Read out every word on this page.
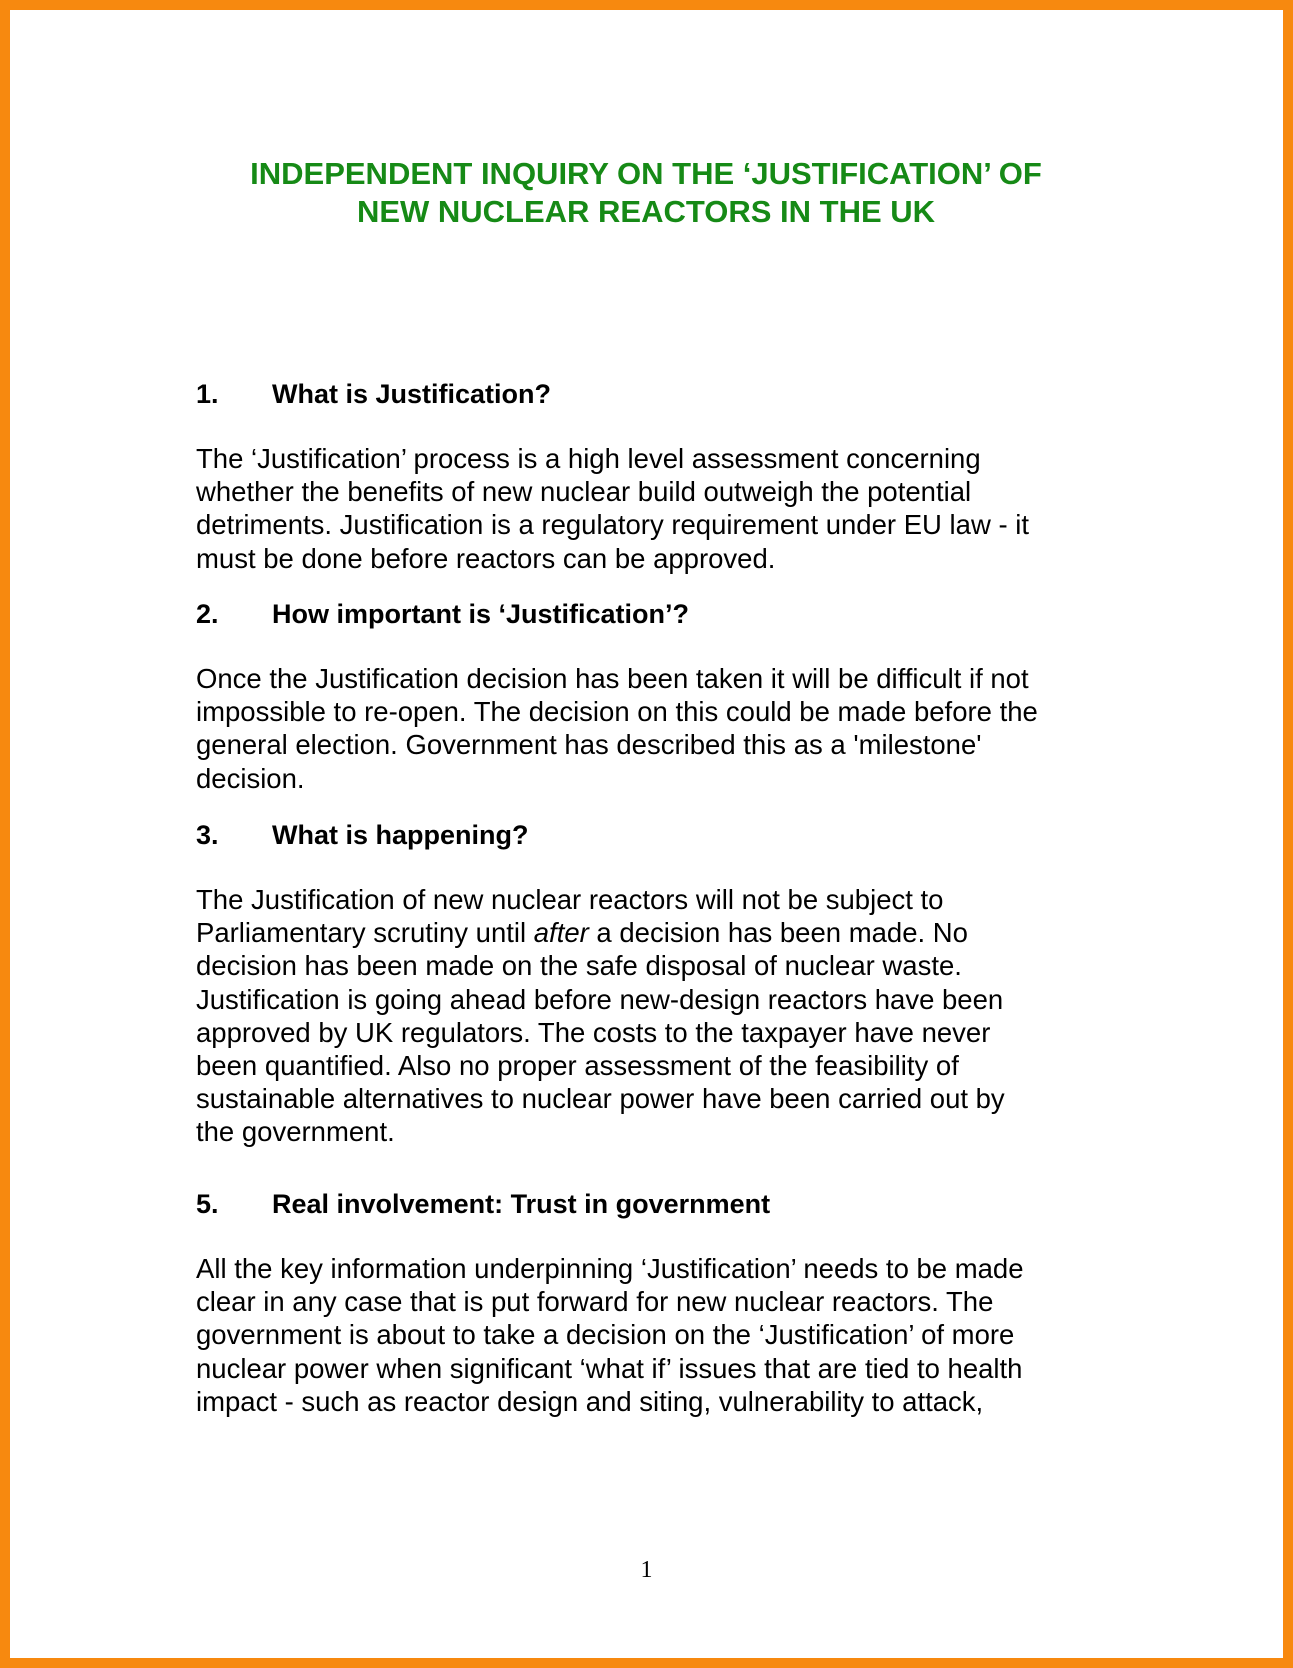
INDEPENDENT INQUIRY ON THE ‘JUSTIFICATION’ OF
NEW NUCLEAR REACTORS IN THE UK
1. What is Justification?

The ‘Justification’ process is a high level assessment concerning
whether the benefits of new nuclear build outweigh the potential
detriments. Justification is a regulatory requirement under EU law - it
must be done before reactors can be approved.

2. How important is ‘Justification’?

Once the Justification decision has been taken it will be difficult if not
impossible to re-open. The decision on this could be made before the
general election. Government has described this as a 'milestone'
decision.

3. What is happening?

The Justification of new nuclear reactors will not be subject to
Parliamentary scrutiny until after a decision has been made. No
decision has been made on the safe disposal of nuclear waste.
Justification is going ahead before new-design reactors have been
approved by UK regulators. The costs to the taxpayer have never
been quantified. Also no proper assessment of the feasibility of
sustainable alternatives to nuclear power have been carried out by
the government.

5. Real involvement: Trust in government

All the key information underpinning ‘Justification’ needs to be made
clear in any case that is put forward for new nuclear reactors. The
government is about to take a decision on the ‘Justification’ of more
nuclear power when significant ‘what if’ issues that are tied to health
impact - such as reactor design and siting, vulnerability to attack,

1
